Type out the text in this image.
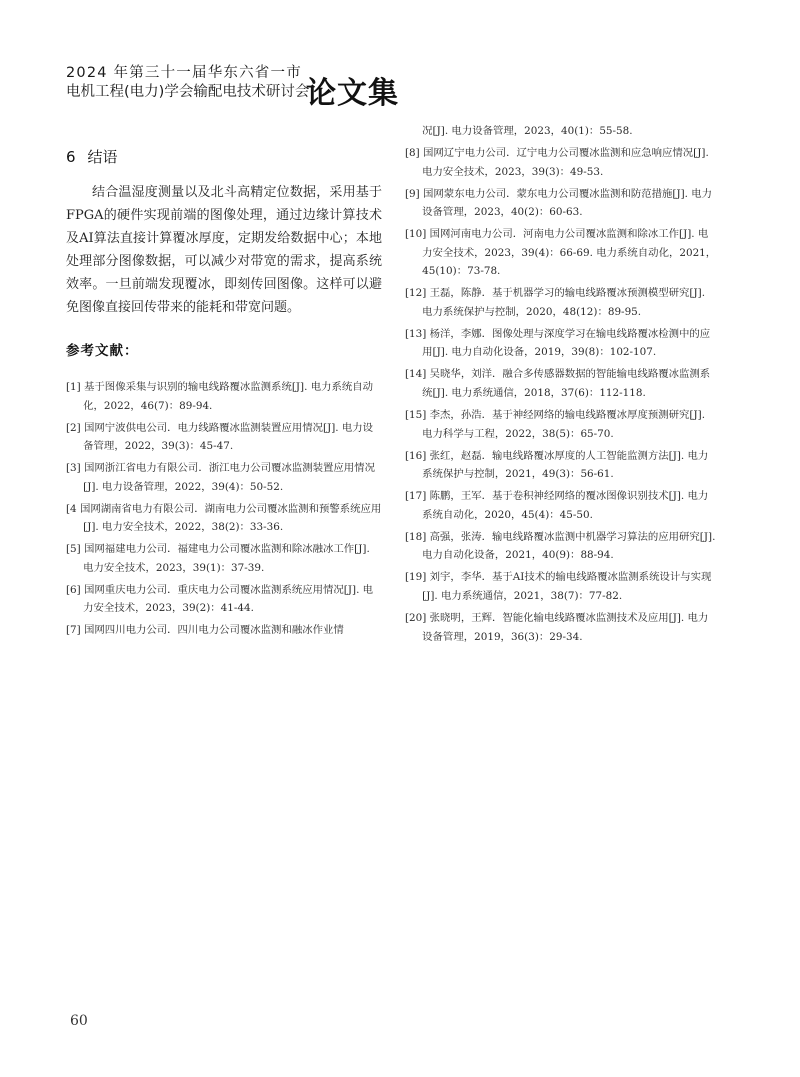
2024 年第三十一届华东六省一市
电机工程(电力)学会输配电技术研讨会
论文集
6 结语
结合温湿度测量以及北斗高精定位数据，采用基于FPGA的硬件实现前端的图像处理，通过边缘计算技术及AI算法直接计算覆冰厚度，定期发给数据中心；本地处理部分图像数据，可以减少对带宽的需求，提高系统效率。一旦前端发现覆冰，即刻传回图像。这样可以避免图像直接回传带来的能耗和带宽问题。
参考文献：
[1] 基于图像采集与识别的输电线路覆冰监测系统[J]. 电力系统自动化，2022，46(7)：89-94.
[2] 国网宁波供电公司．电力线路覆冰监测装置应用情况[J]. 电力设备管理，2022，39(3)：45-47.
[3] 国网浙江省电力有限公司．浙江电力公司覆冰监测装置应用情况[J]. 电力设备管理，2022，39(4)：50-52.
[4 国网湖南省电力有限公司．湖南电力公司覆冰监测和预警系统应用[J]. 电力安全技术，2022，38(2)：33-36.
[5] 国网福建电力公司．福建电力公司覆冰监测和除冰融冰工作[J]. 电力安全技术，2023，39(1)：37-39.
[6] 国网重庆电力公司．重庆电力公司覆冰监测系统应用情况[J]. 电力安全技术，2023，39(2)：41-44.
[7] 国网四川电力公司．四川电力公司覆冰监测和融冰作业情
况[J]. 电力设备管理，2023，40(1)：55-58.
[8] 国网辽宁电力公司．辽宁电力公司覆冰监测和应急响应情况[J]. 电力安全技术，2023，39(3)：49-53.
[9] 国网蒙东电力公司．蒙东电力公司覆冰监测和防范措施[J]. 电力设备管理，2023，40(2)：60-63.
[10] 国网河南电力公司．河南电力公司覆冰监测和除冰工作[J]. 电力安全技术，2023，39(4)：66-69. 电力系统自动化，2021，45(10)：73-78.
[12] 王磊，陈静．基于机器学习的输电线路覆冰预测模型研究[J]. 电力系统保护与控制，2020，48(12)：89-95.
[13] 杨洋，李娜．图像处理与深度学习在输电线路覆冰检测中的应用[J]. 电力自动化设备，2019，39(8)：102-107.
[14] 吴晓华，刘洋．融合多传感器数据的智能输电线路覆冰监测系统[J]. 电力系统通信，2018，37(6)：112-118.
[15] 李杰，孙浩．基于神经网络的输电线路覆冰厚度预测研究[J]. 电力科学与工程，2022，38(5)：65-70.
[16] 张红，赵磊．输电线路覆冰厚度的人工智能监测方法[J]. 电力系统保护与控制，2021，49(3)：56-61.
[17] 陈鹏，王军．基于卷积神经网络的覆冰图像识别技术[J]. 电力系统自动化，2020，45(4)：45-50.
[18] 高强，张涛．输电线路覆冰监测中机器学习算法的应用研究[J]. 电力自动化设备，2021，40(9)：88-94.
[19] 刘宇，李华．基于AI技术的输电线路覆冰监测系统设计与实现[J]. 电力系统通信，2021，38(7)：77-82.
[20] 张晓明，王辉．智能化输电线路覆冰监测技术及应用[J]. 电力设备管理，2019，36(3)：29-34.
60
